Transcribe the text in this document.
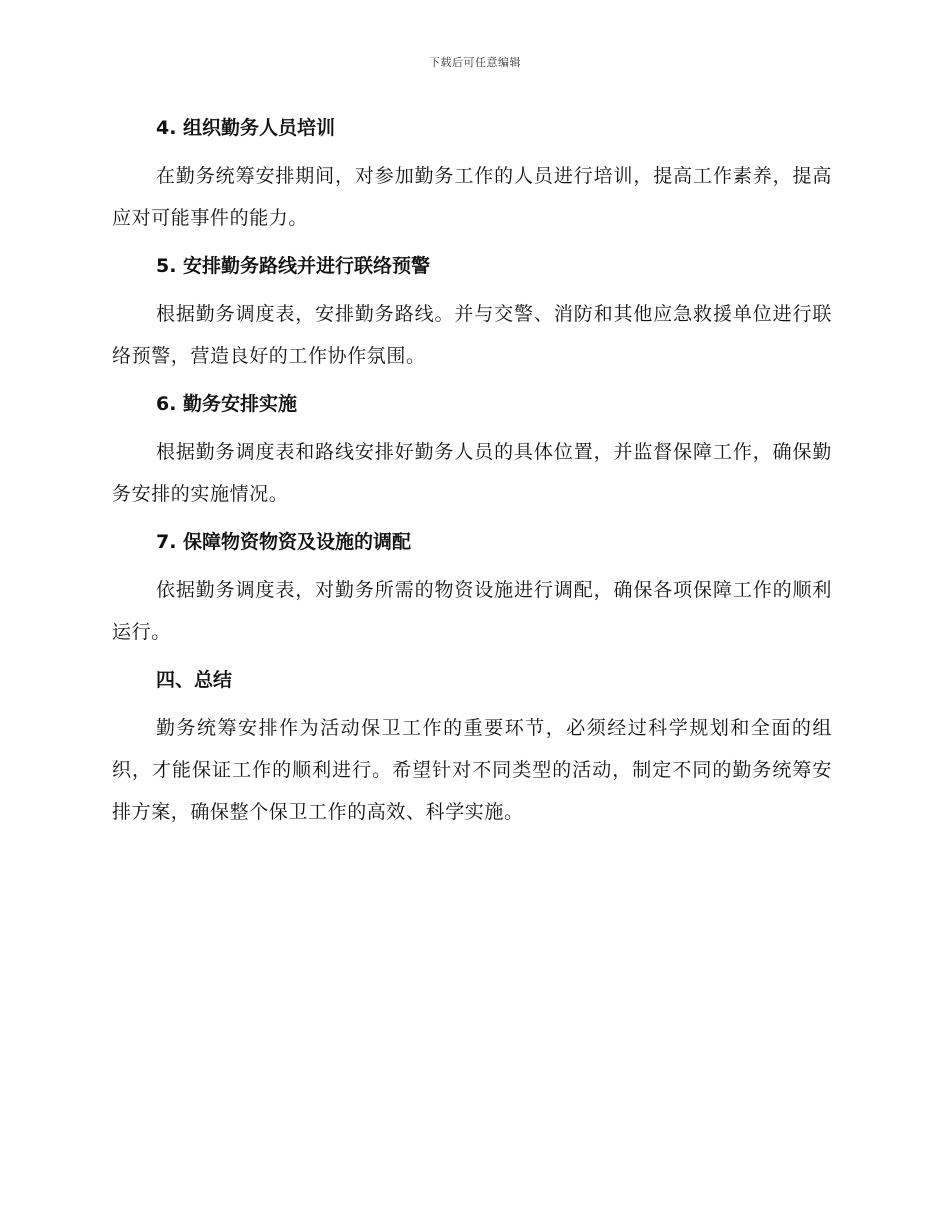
下载后可任意编辑
4. 组织勤务人员培训
在勤务统筹安排期间，对参加勤务工作的人员进行培训，提高工作素养，提高应对可能事件的能力。
5. 安排勤务路线并进行联络预警
根据勤务调度表，安排勤务路线。并与交警、消防和其他应急救援单位进行联络预警，营造良好的工作协作氛围。
6. 勤务安排实施
根据勤务调度表和路线安排好勤务人员的具体位置，并监督保障工作，确保勤务安排的实施情况。
7. 保障物资物资及设施的调配
依据勤务调度表，对勤务所需的物资设施进行调配，确保各项保障工作的顺利运行。
四、总结
勤务统筹安排作为活动保卫工作的重要环节，必须经过科学规划和全面的组织，才能保证工作的顺利进行。希望针对不同类型的活动，制定不同的勤务统筹安排方案，确保整个保卫工作的高效、科学实施。
